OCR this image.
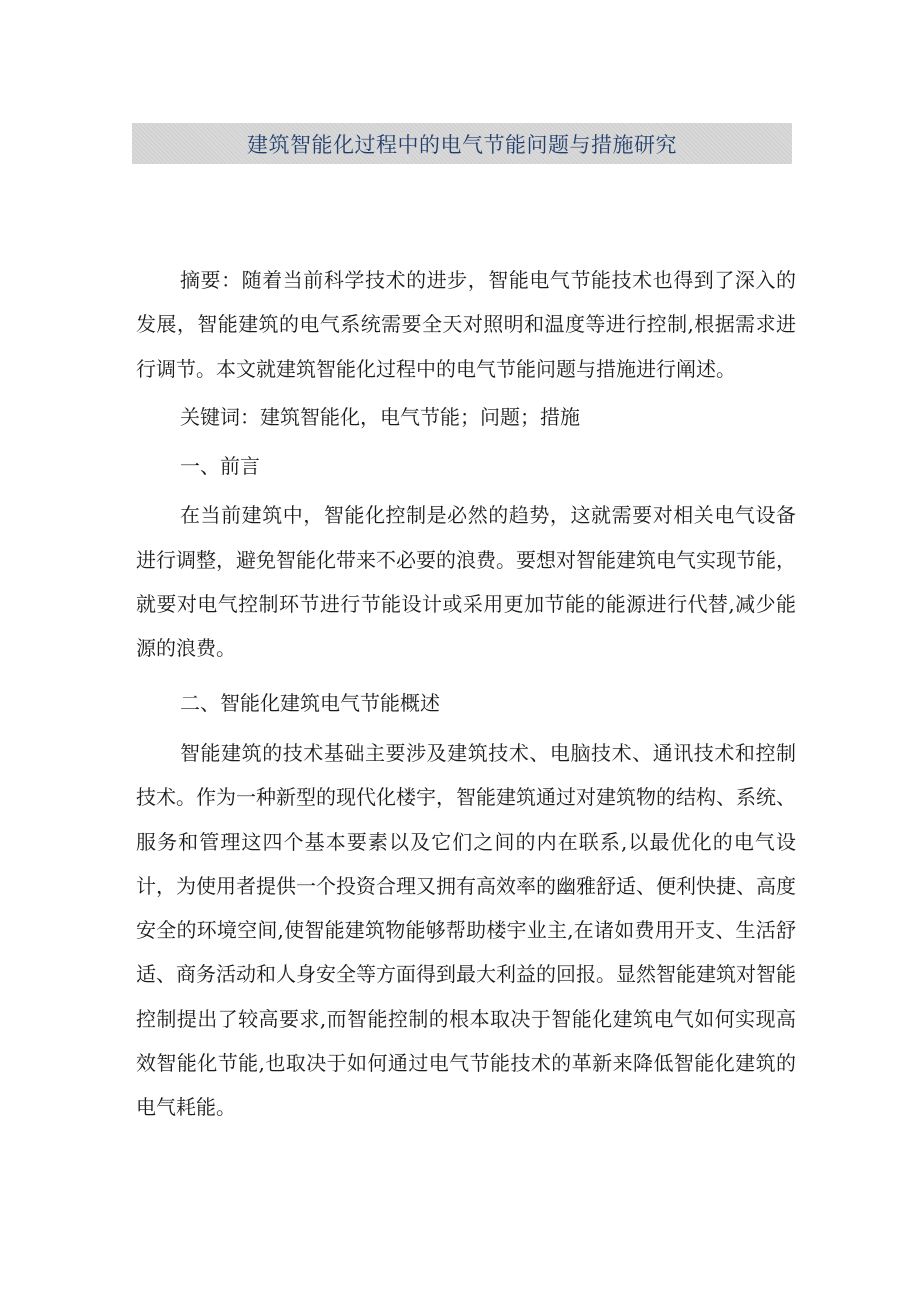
建筑智能化过程中的电气节能问题与措施研究

摘要：随着当前科学技术的进步，智能电气节能技术也得到了深入的发展，智能建筑的电气系统需要全天对照明和温度等进行控制,根据需求进行调节。本文就建筑智能化过程中的电气节能问题与措施进行阐述。

关键词：建筑智能化，电气节能；问题；措施

一、前言

在当前建筑中，智能化控制是必然的趋势，这就需要对相关电气设备进行调整，避免智能化带来不必要的浪费。要想对智能建筑电气实现节能，就要对电气控制环节进行节能设计或采用更加节能的能源进行代替,减少能源的浪费。

二、智能化建筑电气节能概述

智能建筑的技术基础主要涉及建筑技术、电脑技术、通讯技术和控制技术。作为一种新型的现代化楼宇，智能建筑通过对建筑物的结构、系统、服务和管理这四个基本要素以及它们之间的内在联系,以最优化的电气设计，为使用者提供一个投资合理又拥有高效率的幽雅舒适、便利快捷、高度安全的环境空间,使智能建筑物能够帮助楼宇业主,在诸如费用开支、生活舒适、商务活动和人身安全等方面得到最大利益的回报。显然智能建筑对智能控制提出了较高要求,而智能控制的根本取决于智能化建筑电气如何实现高效智能化节能,也取决于如何通过电气节能技术的革新来降低智能化建筑的电气耗能。
